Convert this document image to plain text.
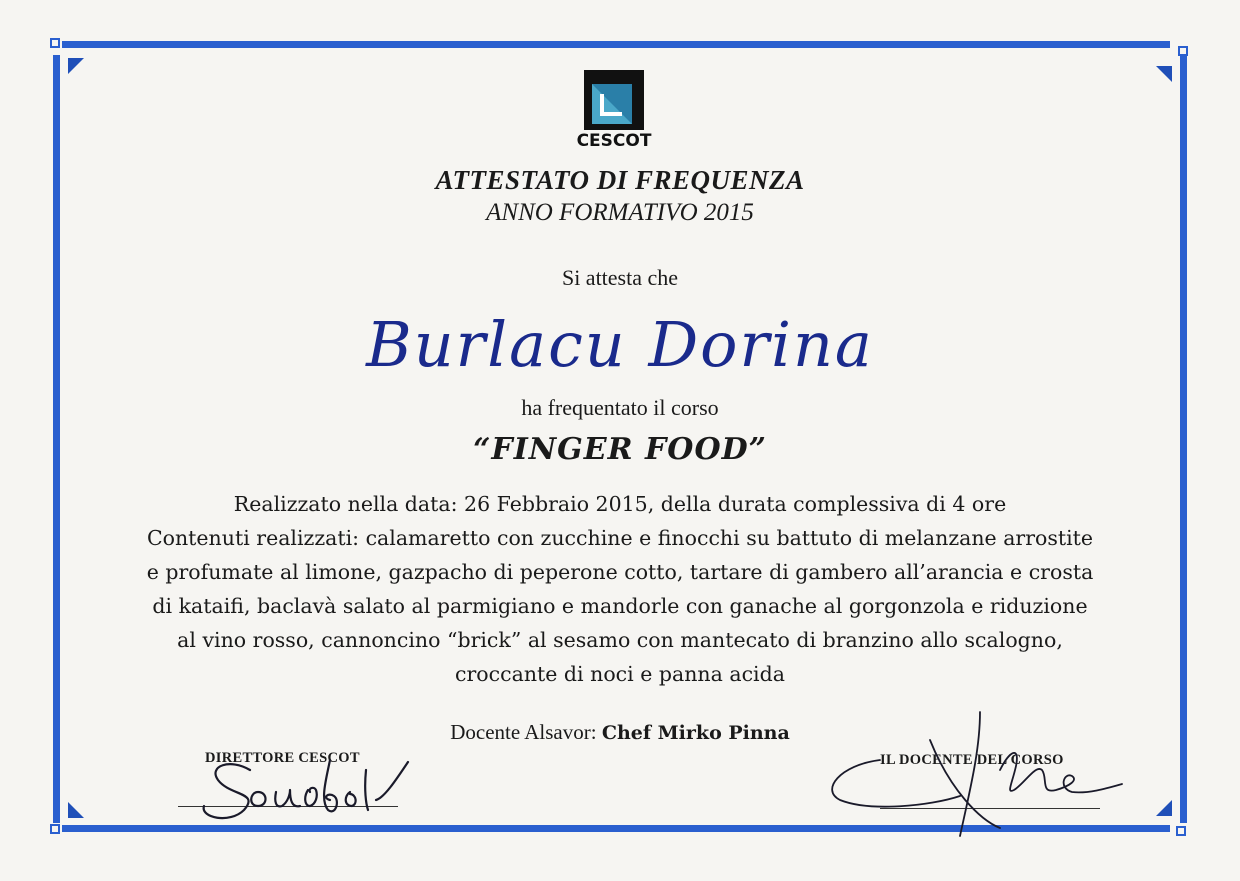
CESCOT
ATTESTATO DI FREQUENZA
ANNO FORMATIVO 2015
Si attesta che
Burlacu Dorina
ha frequentato il corso
“FINGER FOOD”
Realizzato nella data: 26 Febbraio 2015, della durata complessiva di 4 ore
Contenuti realizzati: calamaretto con zucchine e finocchi su battuto di melanzane arrostite
e profumate al limone, gazpacho di peperone cotto, tartare di gambero all’arancia e crosta
di kataifi, baclavà salato al parmigiano e mandorle con ganache al gorgonzola e riduzione
al vino rosso, cannoncino “brick” al sesamo con mantecato di branzino allo scalogno,
croccante di noci e panna acida
Docente Alsavor: Chef Mirko Pinna
DIRETTORE CESCOT	IL DOCENTE DEL CORSO
